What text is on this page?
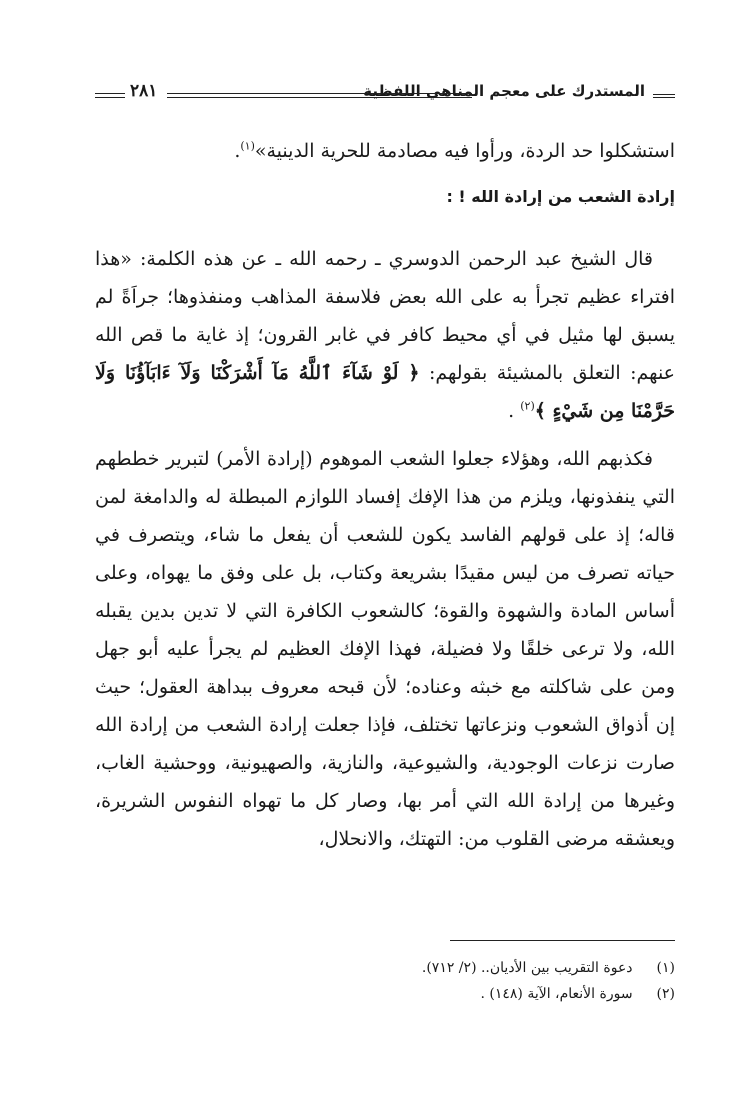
المستدرك على معجم المناهي اللفظية
٢٨١

استشكلوا حد الردة، ورأوا فيه مصادمة للحرية الدينية»$^{(١)}$.

إرادة الشعب من إرادة الله ! :

قال الشيخ عبد الرحمن الدوسري ـ رحمه الله ـ عن هذه الكلمة: «هذا افتراء عظيم تجرأ به على الله بعض فلاسفة المذاهب ومنفذوها؛ جراَةً لم يسبق لها مثيل في أي محيط كافر في غابر القرون؛ إذ غاية ما قص الله عنهم: التعلق بالمشيئة بقولهم: ﴿ لَوْ شَآءَ ٱللَّهُ مَآ أَشْرَكْنَا وَلَآ ءَابَآؤُنَا وَلَا حَرَّمْنَا مِن شَيْءٍ ﴾$^{(٢)}$ .

فكذبهم الله، وهؤلاء جعلوا الشعب الموهوم (إرادة الأمر) لتبرير خططهم التي ينفذونها، ويلزم من هذا الإفك إفساد اللوازم المبطلة له والدامغة لمن قاله؛ إذ على قولهم الفاسد يكون للشعب أن يفعل ما شاء، ويتصرف في حياته تصرف من ليس مقيدًا بشريعة وكتاب، بل على وفق ما يهواه، وعلى أساس المادة والشهوة والقوة؛ كالشعوب الكافرة التي لا تدين بدين يقبله الله، ولا ترعى خلقًا ولا فضيلة، فهذا الإفك العظيم لم يجرأ عليه أبو جهل ومن على شاكلته مع خبثه وعناده؛ لأن قبحه معروف ببداهة العقول؛ حيث إن أذواق الشعوب ونزعاتها تختلف، فإذا جعلت إرادة الشعب من إرادة الله صارت نزعات الوجودية، والشيوعية، والنازية، والصهيونية، ووحشية الغاب، وغيرها من إرادة الله التي أمر بها، وصار كل ما تهواه النفوس الشريرة، ويعشقه مرضى القلوب من: التهتك، والانحلال،

(١) دعوة التقريب بين الأديان.. (٢/ ٧١٢).

(٢) سورة الأنعام، الآية (١٤٨) .
